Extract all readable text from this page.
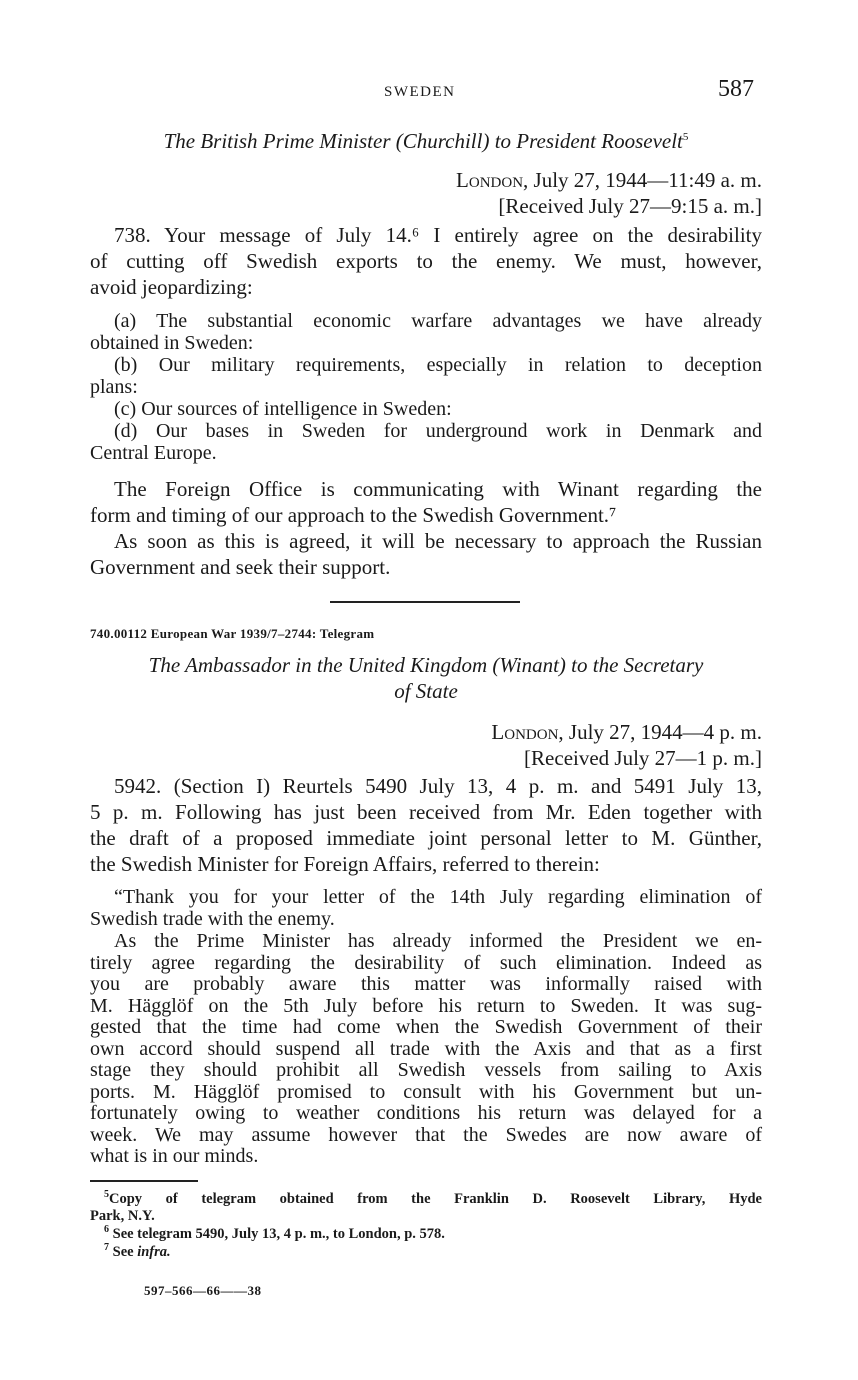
SWEDEN	587
The British Prime Minister (Churchill) to President Roosevelt$^5$
London, July 27, 1944—11:49 a. m.
[Received July 27—9:15 a. m.]
738. Your message of July 14.⁶ I entirely agree on the desirability
of cutting off Swedish exports to the enemy. We must, however,
avoid jeopardizing:
(a) The substantial economic warfare advantages we have already
obtained in Sweden:
(b) Our military requirements, especially in relation to deception
plans:
(c) Our sources of intelligence in Sweden:
(d) Our bases in Sweden for underground work in Denmark and
Central Europe.
The Foreign Office is communicating with Winant regarding the
form and timing of our approach to the Swedish Government.⁷
As soon as this is agreed, it will be necessary to approach the Russian
Government and seek their support.
740.00112 European War 1939/7–2744: Telegram
The Ambassador in the United Kingdom (Winant) to the Secretary
of State
London, July 27, 1944—4 p. m.
[Received July 27—1 p. m.]
5942. (Section I) Reurtels 5490 July 13, 4 p. m. and 5491 July 13,
5 p. m. Following has just been received from Mr. Eden together with
the draft of a proposed immediate joint personal letter to M. Günther,
the Swedish Minister for Foreign Affairs, referred to therein:
“Thank you for your letter of the 14th July regarding elimination of
Swedish trade with the enemy.
As the Prime Minister has already informed the President we en-
tirely agree regarding the desirability of such elimination. Indeed as
you are probably aware this matter was informally raised with
M. Hägglöf on the 5th July before his return to Sweden. It was sug-
gested that the time had come when the Swedish Government of their
own accord should suspend all trade with the Axis and that as a first
stage they should prohibit all Swedish vessels from sailing to Axis
ports. M. Hägglöf promised to consult with his Government but un-
fortunately owing to weather conditions his return was delayed for a
week. We may assume however that the Swedes are now aware of
what is in our minds.
$^5$Copy of telegram obtained from the Franklin D. Roosevelt Library, Hyde
Park, N.Y.
$^6$ See telegram 5490, July 13, 4 p. m., to London, p. 578.
$^7$ See infra.
597–566—66——38
